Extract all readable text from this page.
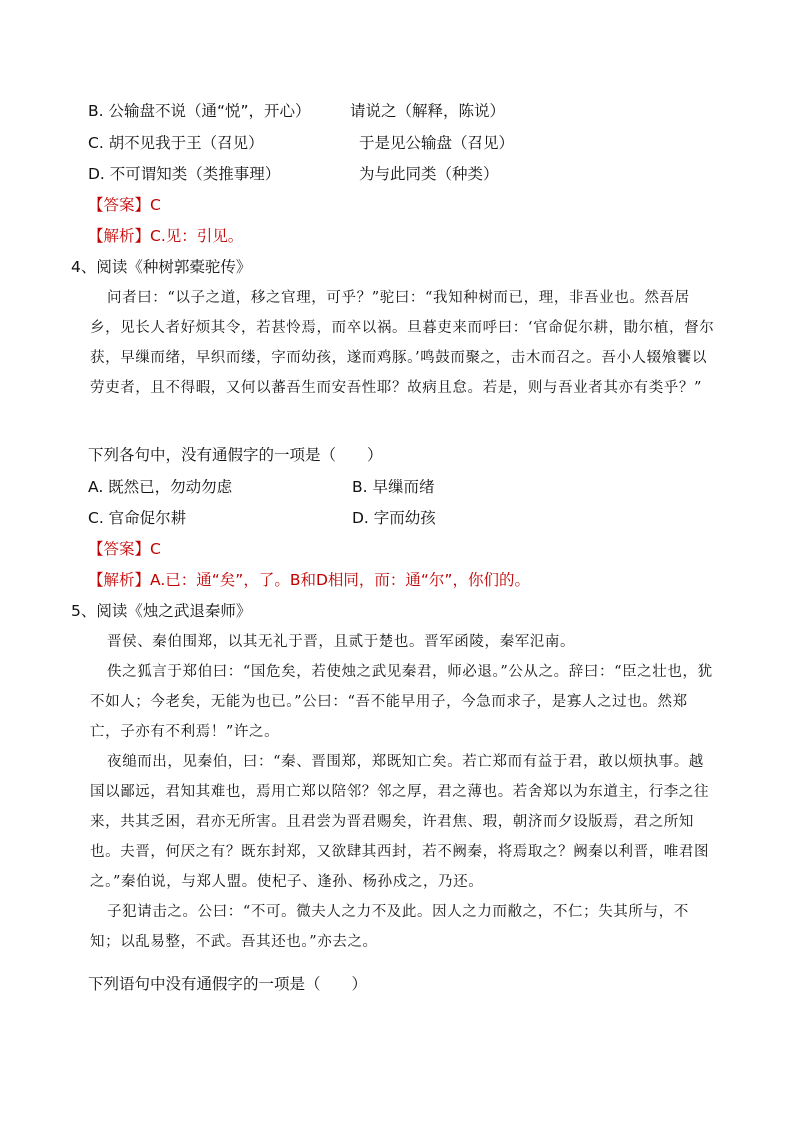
B. 公输盘不说（通“悦”，开心）	请说之（解释，陈说）
C. 胡不见我于王（召见）	于是见公输盘（召见）
D. 不可谓知类（类推事理）	为与此同类（种类）
【答案】C
【解析】C.见：引见。
4、阅读《种树郭橐驼传》
问者曰：“以子之道，移之官理，可乎？”驼曰：“我知种树而已，理，非吾业也。然吾居乡，见长人者好烦其令，若甚怜焉，而卒以祸。旦暮吏来而呼曰：‘官命促尔耕，勖尔植，督尔获，早缫而绪，早织而缕，字而幼孩，遂而鸡豚。’鸣鼓而聚之，击木而召之。吾小人辍飧饔以劳吏者，且不得暇，又何以蕃吾生而安吾性耶？故病且怠。若是，则与吾业者其亦有类乎？”
下列各句中，没有通假字的一项是（　　）
A. 既然已，勿动勿虑	B. 早缫而绪
C. 官命促尔耕	D. 字而幼孩
【答案】C
【解析】A.已：通“矣”，了。B和D相同，而：通“尔”，你们的。
5、阅读《烛之武退秦师》
晋侯、秦伯围郑，以其无礼于晋，且贰于楚也。晋军函陵，秦军氾南。
佚之狐言于郑伯曰：“国危矣，若使烛之武见秦君，师必退。”公从之。辞曰：“臣之壮也，犹不如人；今老矣，无能为也已。”公曰：“吾不能早用子，今急而求子，是寡人之过也。然郑亡，子亦有不利焉！”许之。
夜缒而出，见秦伯，曰：“秦、晋围郑，郑既知亡矣。若亡郑而有益于君，敢以烦执事。越国以鄙远，君知其难也，焉用亡郑以陪邻？邻之厚，君之薄也。若舍郑以为东道主，行李之往来，共其乏困，君亦无所害。且君尝为晋君赐矣，许君焦、瑕，朝济而夕设版焉，君之所知也。夫晋，何厌之有？既东封郑，又欲肆其西封，若不阙秦，将焉取之？阙秦以利晋，唯君图之。”秦伯说，与郑人盟。使杞子、逢孙、杨孙戍之，乃还。
子犯请击之。公曰：“不可。微夫人之力不及此。因人之力而敝之，不仁；失其所与，不知；以乱易整，不武。吾其还也。”亦去之。
下列语句中没有通假字的一项是（　　）
